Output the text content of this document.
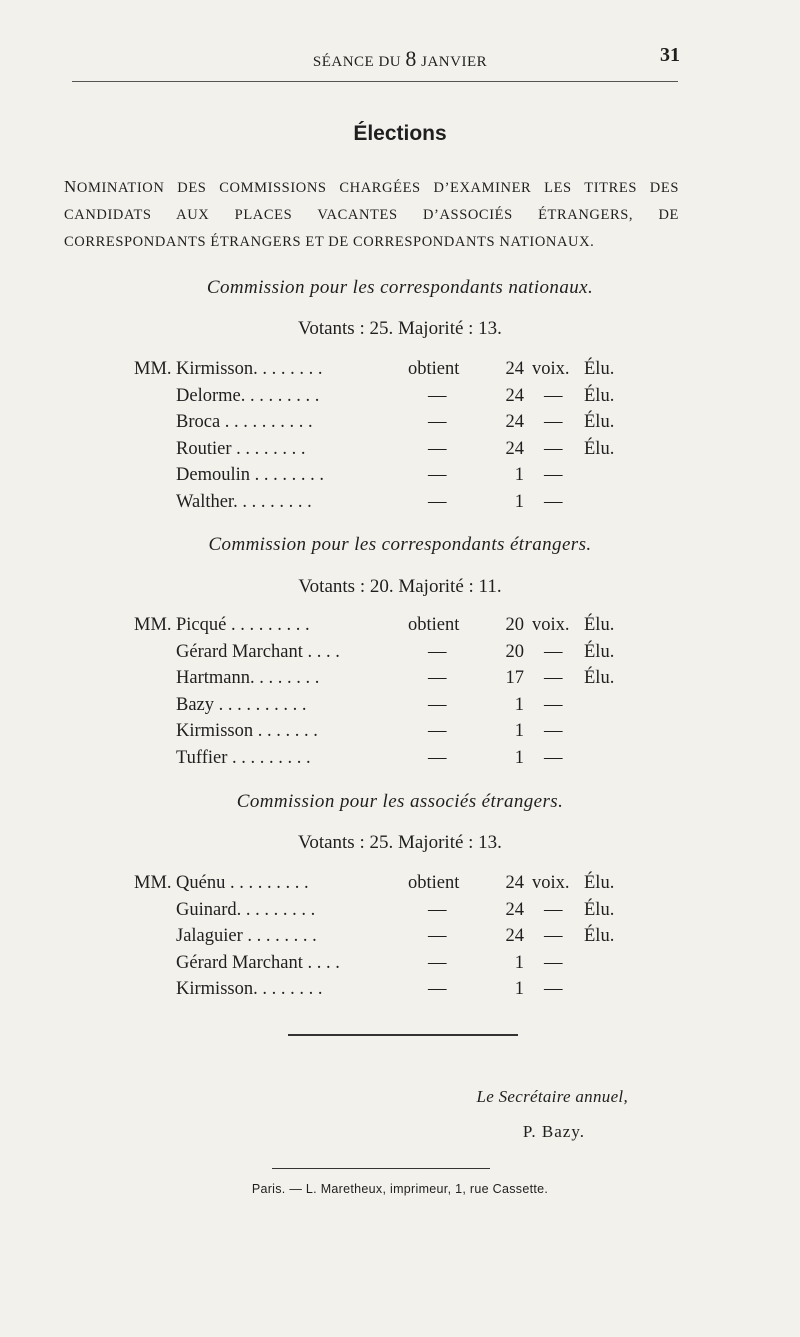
SÉANCE DU 8 JANVIER	31
Élections
NOMINATION DES COMMISSIONS CHARGÉES D’EXAMINER LES TITRES DES CANDIDATS AUX PLACES VACANTES D’ASSOCIÉS ÉTRANGERS, DE CORRESPONDANTS ÉTRANGERS ET DE CORRESPONDANTS NATIONAUX.
Commission pour les correspondants nationaux.
Votants : 25. Majorité : 13.
MM. Kirmisson. . . . . . . .	obtient	24 voix. Élu.
Delorme. . . . . . . . .	—	24 — Élu.
Broca . . . . . . . . . .	—	24 — Élu.
Routier . . . . . . . .	—	24 — Élu.
Demoulin . . . . . . . .	—	1 —
Walther. . . . . . . . .	—	1 —
Commission pour les correspondants étrangers.
Votants : 20. Majorité : 11.
MM. Picqué . . . . . . . . .	obtient	20 voix. Élu.
Gérard Marchant . . . .	—	20 — Élu.
Hartmann. . . . . . . .	—	17 — Élu.
Bazy . . . . . . . . . .	—	1 —
Kirmisson . . . . . . .	—	1 —
Tuffier . . . . . . . . .	—	1 —
Commission pour les associés étrangers.
Votants : 25. Majorité : 13.
MM. Quénu . . . . . . . . .	obtient	24 voix. Élu.
Guinard. . . . . . . . .	—	24 — Élu.
Jalaguier . . . . . . . .	—	24 — Élu.
Gérard Marchant . . . .	—	1 —
Kirmisson. . . . . . . .	—	1 —
Le Secrétaire annuel,
P. Bazy.
Paris. — L. Maretheux, imprimeur, 1, rue Cassette.
